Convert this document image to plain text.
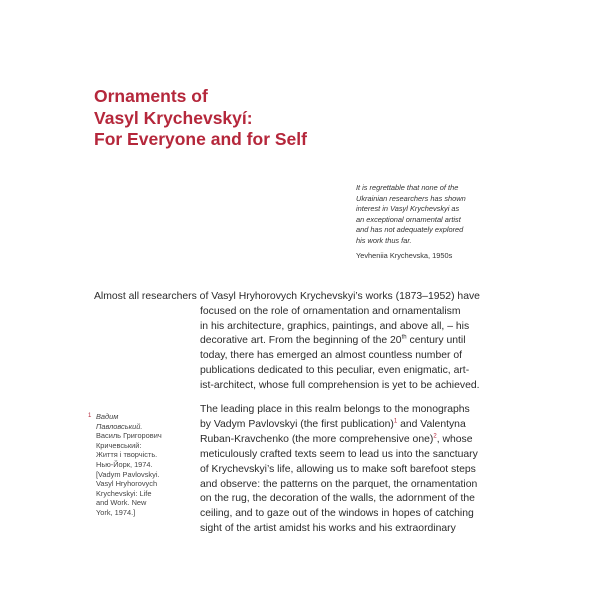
Ornaments of
Vasyl Krychevskyí:
For Everyone and for Self
It is regrettable that none of the
Ukrainian researchers has shown
interest in Vasyl Krychevskyi as
an exceptional ornamental artist
and has not adequately explored
his work thus far.
Yevheniia Krychevska, 1950s
Almost all researchers of Vasyl Hryhorovych Krychevskyi’s works (1873–1952) have
focused on the role of ornamentation and ornamentalism
in his architecture, graphics, paintings, and above all, – his
decorative art. From the beginning of the 20th century until
today, there has emerged an almost countless number of
publications dedicated to this peculiar, even enigmatic, art-
ist-architect, whose full comprehension is yet to be achieved.
1 Вадим
Павловський.
Василь Григорович
Кричевський:
Життя і творчість.
Нью-Йорк, 1974.
[Vadym Pavlovskyi.
Vasyl Hryhorovych
Krychevskyi: Life
and Work. New
York, 1974.]
The leading place in this realm belongs to the monographs
by Vadym Pavlovskyi (the first publication)$^1$ and Valentyna
Ruban-Kravchenko (the more comprehensive one)$^2$, whose
meticulously crafted texts seem to lead us into the sanctuary
of Krychevskyi’s life, allowing us to make soft barefoot steps
and observe: the patterns on the parquet, the ornamentation
on the rug, the decoration of the walls, the adornment of the
ceiling, and to gaze out of the windows in hopes of catching
sight of the artist amidst his works and his extraordinary
